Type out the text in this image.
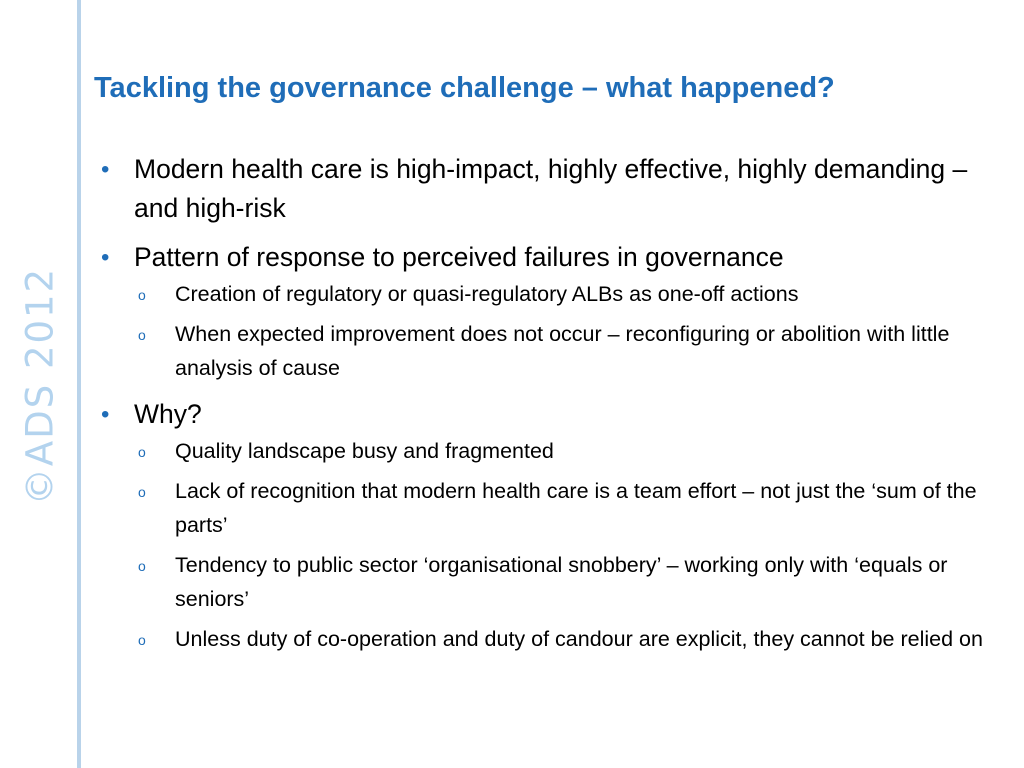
©ADS 2012
Tackling the governance challenge – what happened?
• Modern health care is high-impact, highly effective, highly demanding – and high-risk
• Pattern of response to perceived failures in governance
o Creation of regulatory or quasi-regulatory ALBs as one-off actions
o When expected improvement does not occur – reconfiguring or abolition with little analysis of cause
• Why?
o Quality landscape busy and fragmented
o Lack of recognition that modern health care is a team effort – not just the ‘sum of the parts’
o Tendency to public sector ‘organisational snobbery’ – working only with ‘equals or seniors’
o Unless duty of co-operation and duty of candour are explicit, they cannot be relied on
